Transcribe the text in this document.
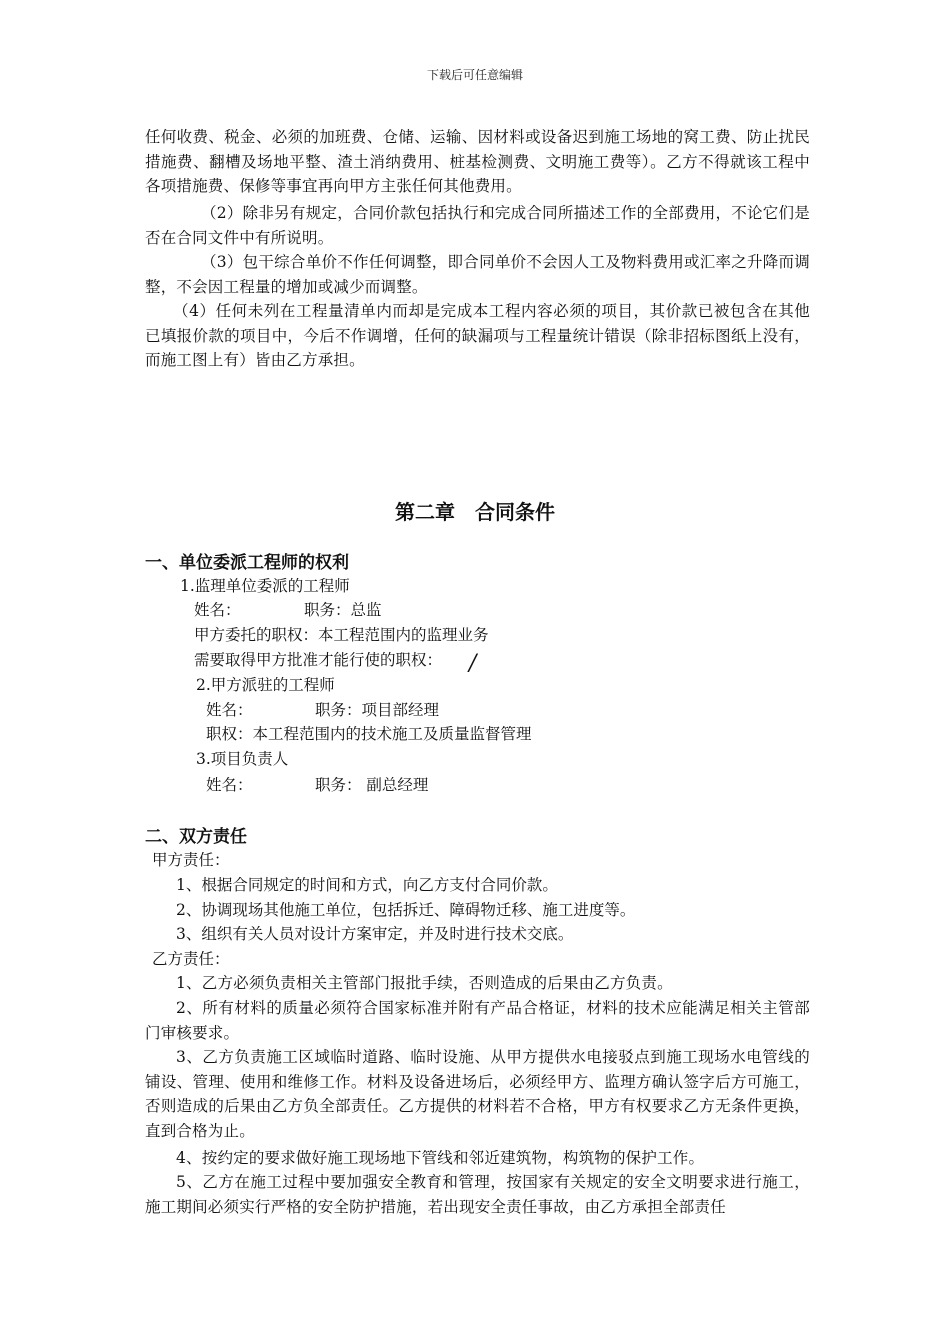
下载后可任意编辑

任何收费、税金、必须的加班费、仓储、运输、因材料或设备迟到施工场地的窝工费、防止扰民措施费、翻槽及场地平整、渣土消纳费用、桩基检测费、文明施工费等）。乙方不得就该工程中各项措施费、保修等事宜再向甲方主张任何其他费用。

（2）除非另有规定，合同价款包括执行和完成合同所描述工作的全部费用，不论它们是否在合同文件中有所说明。

（3）包干综合单价不作任何调整，即合同单价不会因人工及物料费用或汇率之升降而调整，不会因工程量的增加或减少而调整。

（4）任何未列在工程量清单内而却是完成本工程内容必须的项目，其价款已被包含在其他已填报价款的项目中，今后不作调增，任何的缺漏项与工程量统计错误（除非招标图纸上没有，而施工图上有）皆由乙方承担。

第二章　合同条件
一、单位委派工程师的权利

1.监理单位委派的工程师

姓名：	职务：总监

甲方委托的职权：本工程范围内的监理业务

需要取得甲方批准才能行使的职权： /

2.甲方派驻的工程师

姓名：	职务：项目部经理

职权：本工程范围内的技术施工及质量监督管理

3.项目负责人

姓名：	职务： 副总经理

二、双方责任

甲方责任：

1、根据合同规定的时间和方式，向乙方支付合同价款。

2、协调现场其他施工单位，包括拆迁、障碍物迁移、施工进度等。

3、组织有关人员对设计方案审定，并及时进行技术交底。

乙方责任：

1、乙方必须负责相关主管部门报批手续，否则造成的后果由乙方负责。

2、所有材料的质量必须符合国家标准并附有产品合格证，材料的技术应能满足相关主管部门审核要求。

3、乙方负责施工区域临时道路、临时设施、从甲方提供水电接驳点到施工现场水电管线的铺设、管理、使用和维修工作。材料及设备进场后，必须经甲方、监理方确认签字后方可施工，否则造成的后果由乙方负全部责任。乙方提供的材料若不合格，甲方有权要求乙方无条件更换，直到合格为止。

4、按约定的要求做好施工现场地下管线和邻近建筑物，构筑物的保护工作。

5、乙方在施工过程中要加强安全教育和管理，按国家有关规定的安全文明要求进行施工，施工期间必须实行严格的安全防护措施，若出现安全责任事故，由乙方承担全部责任
